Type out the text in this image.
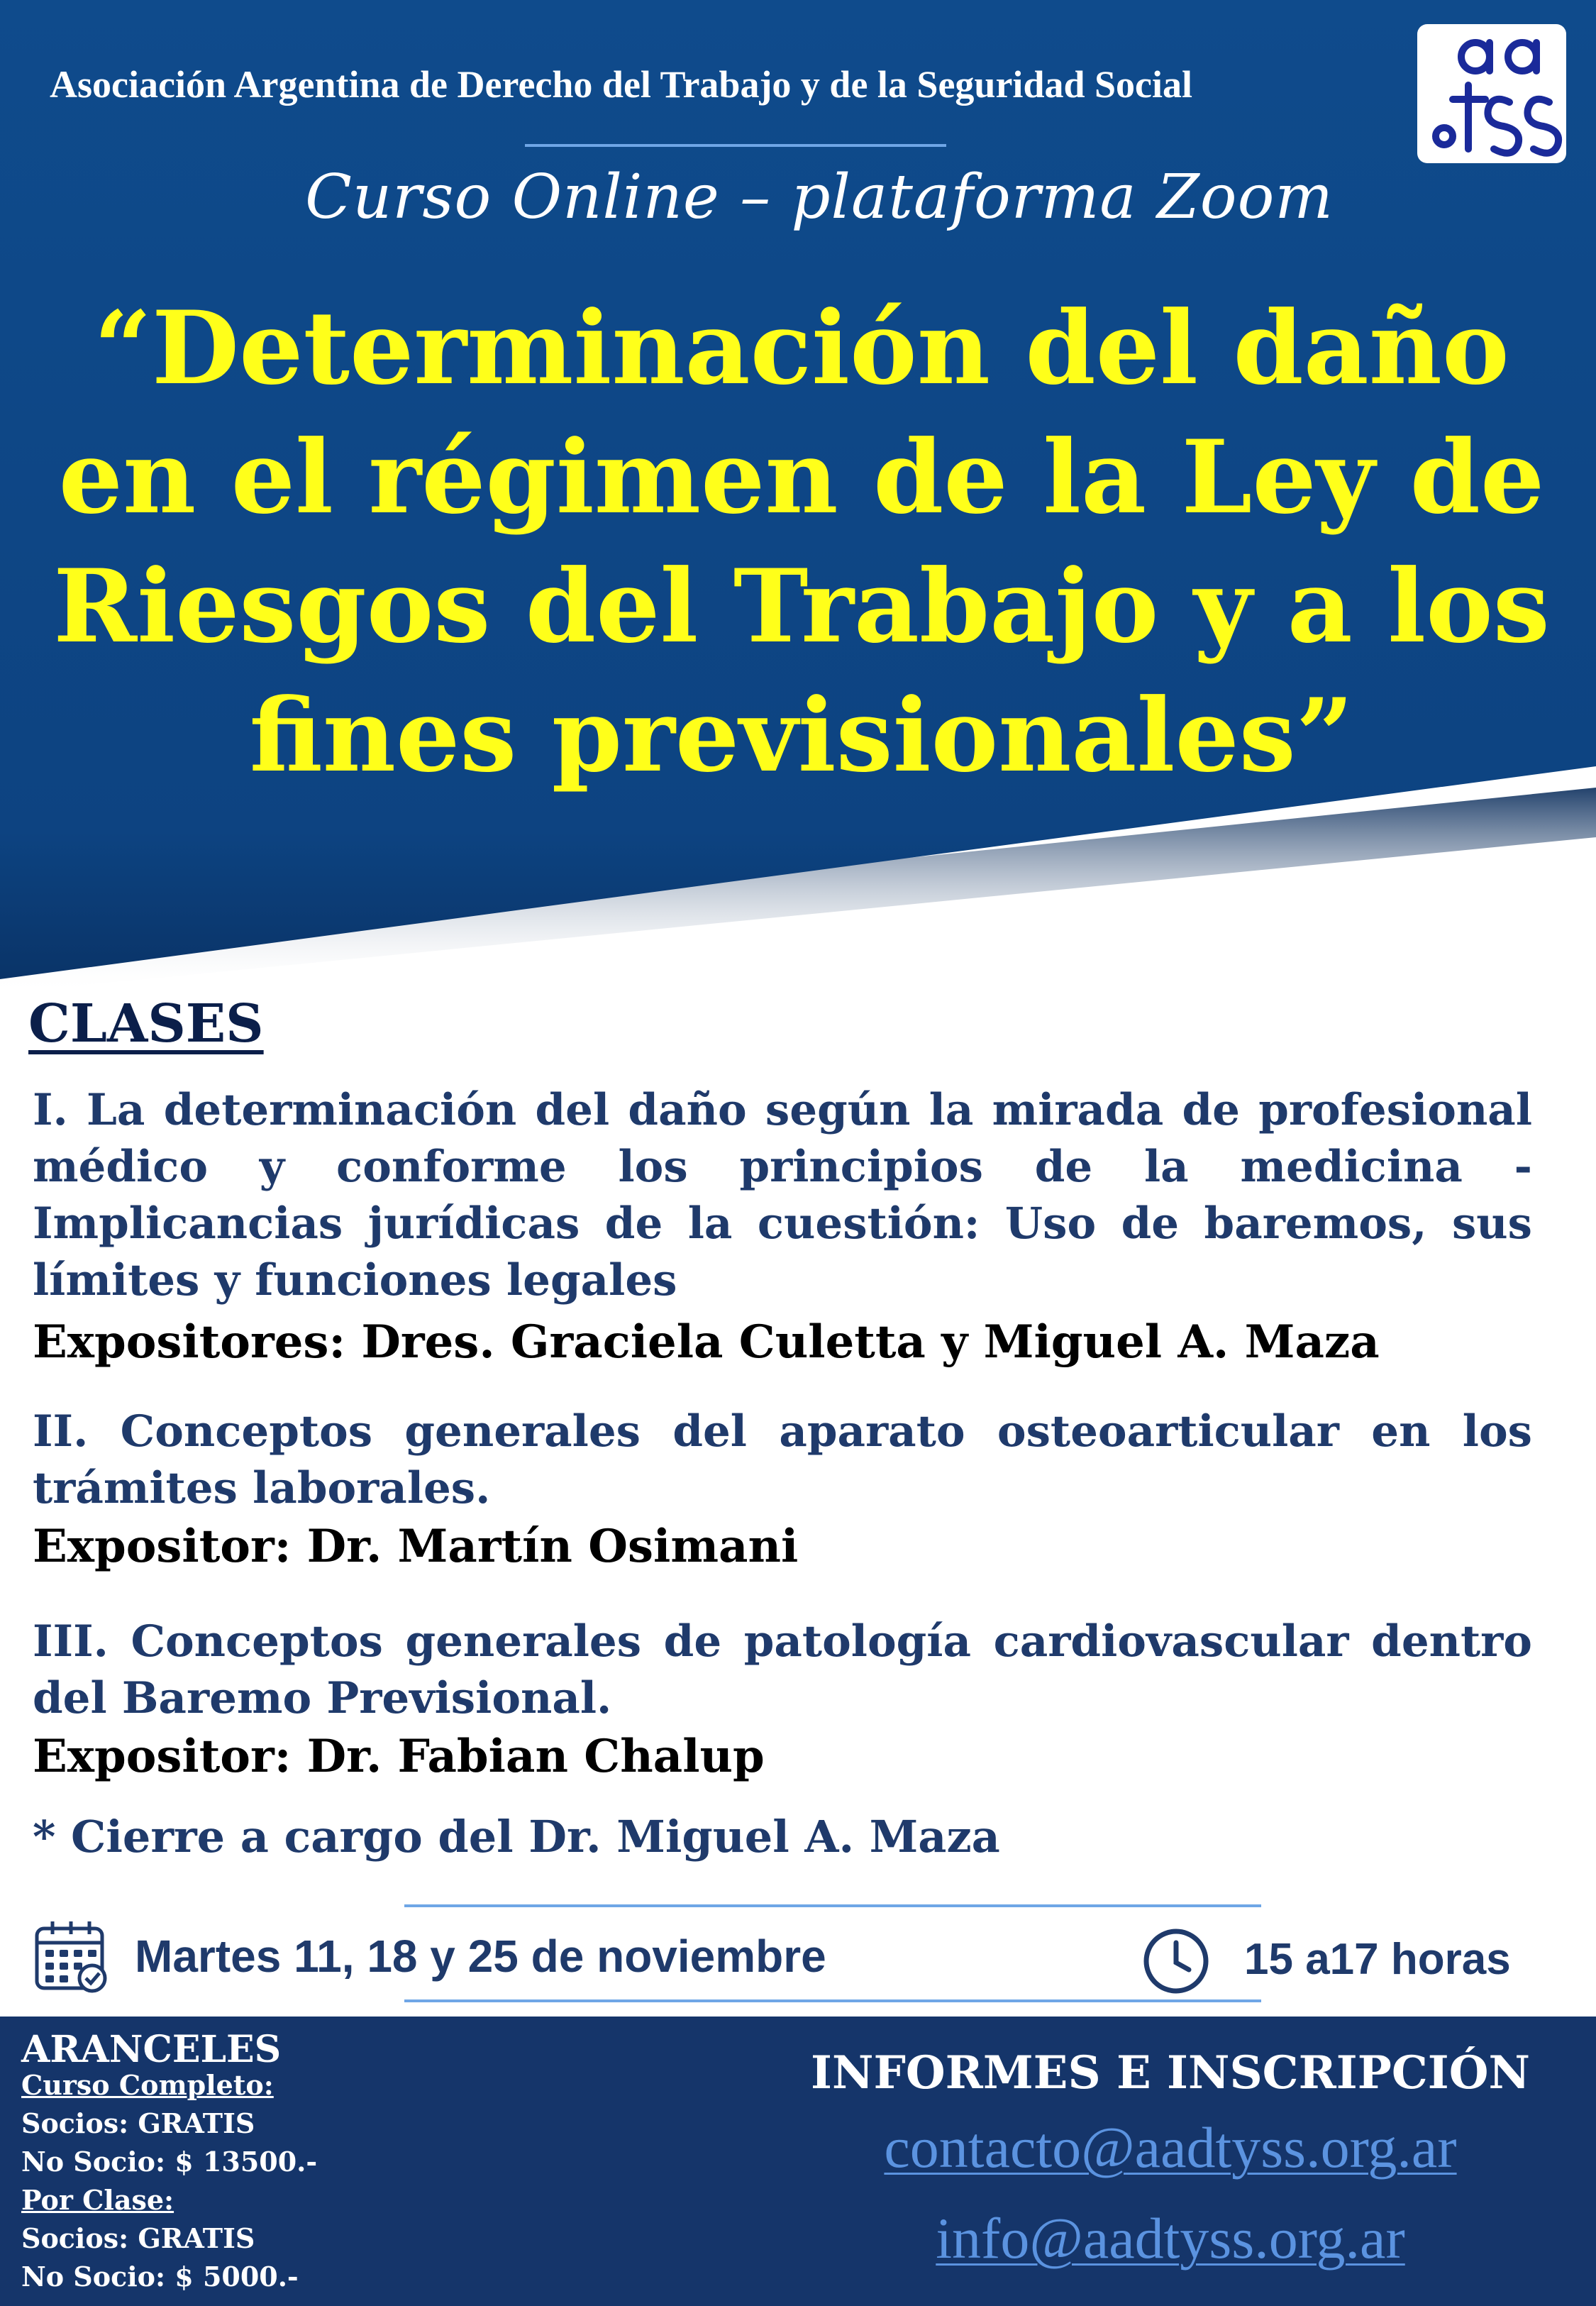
Asociación Argentina de Derecho del Trabajo y de la Seguridad Social
Curso Online – plataforma Zoom
“Determinación del daño en el régimen de la Ley de Riesgos del Trabajo y a los fines previsionales”
CLASES
I. La determinación del daño según la mirada de profesional médico y conforme los principios de la medicina - Implicancias jurídicas de la cuestión: Uso de baremos, sus límites y funciones legales
Expositores: Dres. Graciela Culetta y Miguel A. Maza
II. Conceptos generales del aparato osteoarticular en los trámites laborales.
Expositor: Dr. Martín Osimani
III. Conceptos generales de patología cardiovascular dentro del Baremo Previsional.
Expositor: Dr. Fabian Chalup
* Cierre a cargo del Dr. Miguel A. Maza
Martes 11, 18 y 25 de noviembre	15 a17 horas
ARANCELES
Curso Completo:
Socios: GRATIS
No Socio: $ 13500.-
Por Clase:
Socios: GRATIS
No Socio: $ 5000.-
INFORMES E INSCRIPCIÓN
contacto@aadtyss.org.ar
info@aadtyss.org.ar
